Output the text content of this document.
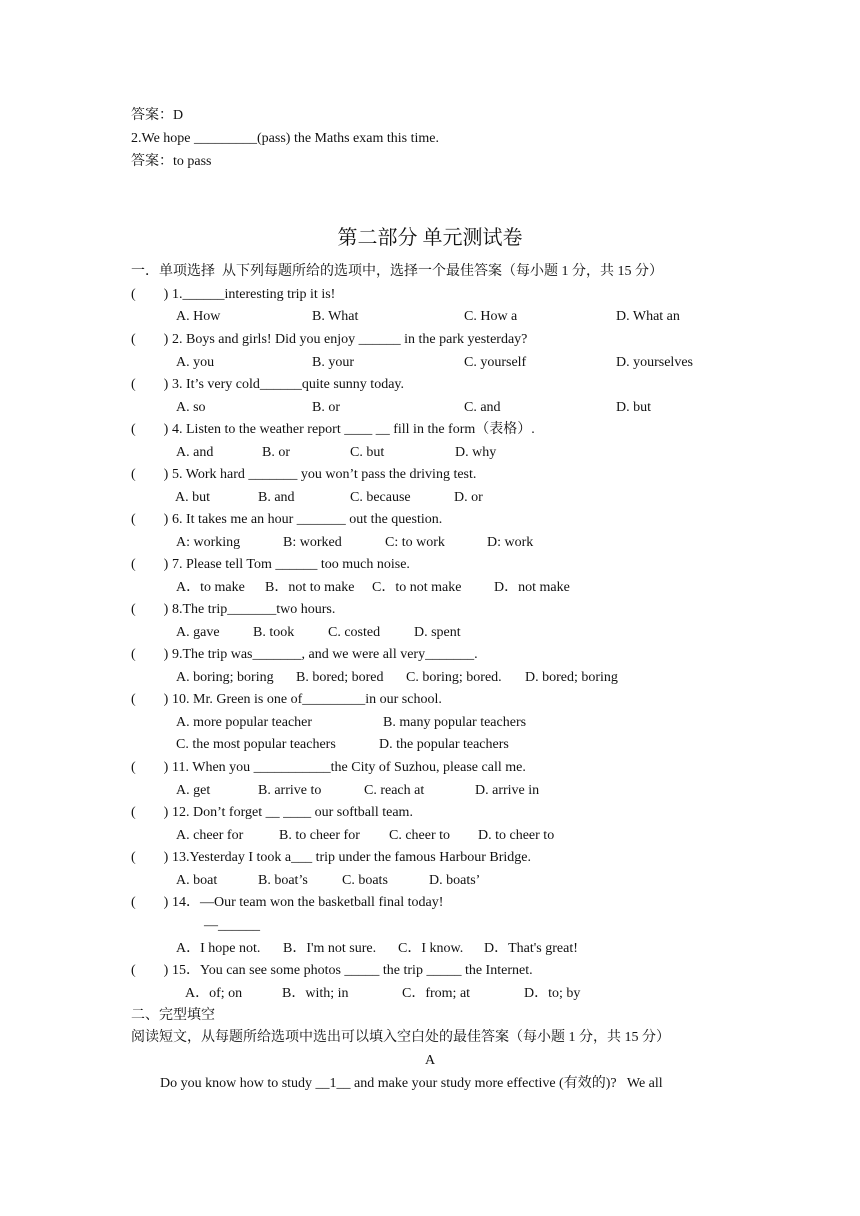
答案：D
2.We hope _________(pass) the Maths exam this time.
答案：to pass
第二部分 单元测试卷
一．单项选择  从下列每题所给的选项中，选择一个最佳答案（每小题 1 分，共 15 分）
(        ) 1.______interesting trip it is!
A. How	B. What	C. How a	D. What an
(        ) 2. Boys and girls! Did you enjoy ______ in the park yesterday?
A. you	B. your	C. yourself	D. yourselves
(        ) 3. It’s very cold______quite sunny today.
A. so	B. or	C. and	D. but
(        ) 4. Listen to the weather report ____ __ fill in the form（表格）.
A. and	B. or	C. but	D. why
(        ) 5. Work hard _______ you won’t pass the driving test.
A. but	B. and	C. because	D. or
(        ) 6. It takes me an hour _______ out the question.
A: working	B: worked	C: to work	D: work
(        ) 7. Please tell Tom ______ too much noise.
A．to make B．not to make C．to not make D．not make
(        ) 8.The trip_______two hours.
A. gave B. took C. costed D. spent
(        ) 9.The trip was_______, and we were all very_______.
A. boring; boring B. bored; bored C. boring; bored. D. bored; boring
(        ) 10. Mr. Green is one of_________in our school.
A. more popular teacher	B. many popular teachers
C. the most popular teachers	D. the popular teachers
(        ) 11. When you ___________the City of Suzhou, please call me.
A. get	B. arrive to	C. reach at	D. arrive in
(        ) 12. Don’t forget __ ____ our softball team.
A. cheer for	B. to cheer for C. cheer to D. to cheer to
(        ) 13.Yesterday I took a___ trip under the famous Harbour Bridge.
A. boat	B. boat’s C. boats	D. boats’
(        ) 14．—Our team won the basketball final today!
—______
A．I hope not. B．I'm not sure. C．I know. D．That's great!
(        ) 15．You can see some photos _____ the trip _____ the Internet.
A．of; on	B．with; in	C．from; at	D．to; by
二、完型填空
阅读短文，从每题所给选项中选出可以填入空白处的最佳答案（每小题 1 分，共 15 分）
A
Do you know how to study __1__ and make your study more effective (有效的)?   We all
